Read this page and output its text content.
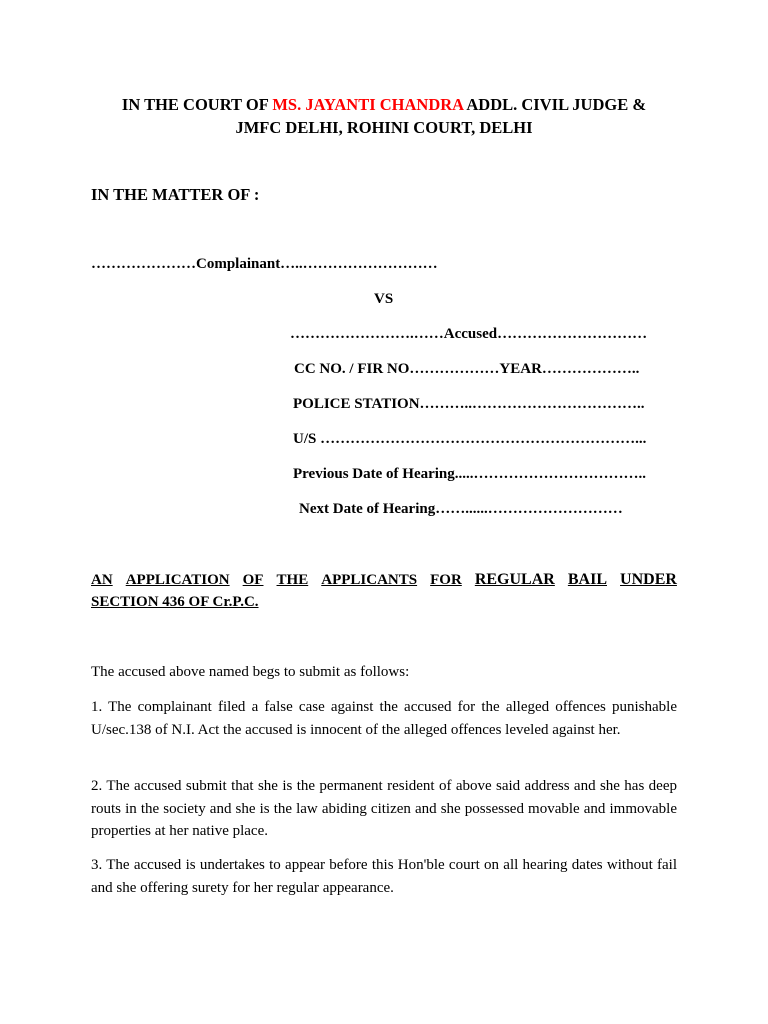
IN THE COURT OF MS. JAYANTI CHANDRA ADDL. CIVIL JUDGE &
JMFC DELHI, ROHINI COURT, DELHI

IN THE MATTER OF :

…………………Complainant…..………………………

VS

…………………….……Accused…………………………

CC NO. / FIR NO………………YEAR………………..

POLICE STATION………..……………………………..

U/S ………………………………………………………...

Previous Date of Hearing.....……………………………..

Next Date of Hearing……......………………………

AN APPLICATION OF THE APPLICANTS FOR REGULAR BAIL UNDER
SECTION 436 OF Cr.P.C.

The accused above named begs to submit as follows:

1. The complainant filed a false case against the accused for the alleged offences punishable U/sec.138 of N.I. Act the accused is innocent of the alleged offences leveled against her.

2. The accused submit that she is the permanent resident of above said address and she has deep routs in the society and she is the law abiding citizen and she possessed movable and immovable properties at her native place.

3. The accused is undertakes to appear before this Hon'ble court on all hearing dates without fail and she offering surety for her regular appearance.
